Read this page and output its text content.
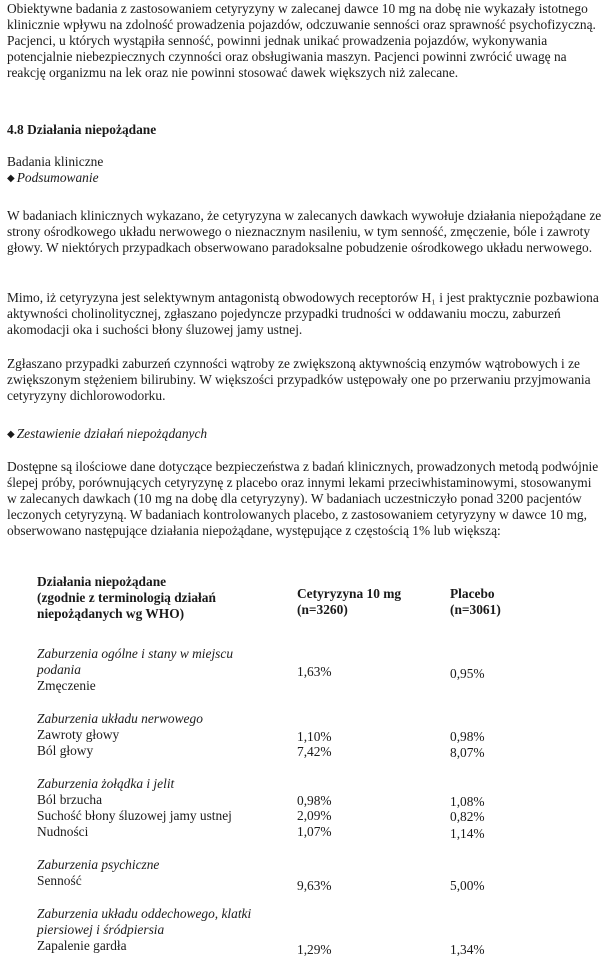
Obiektywne badania z zastosowaniem cetyryzyny w zalecanej dawce 10 mg na dobę nie wykazały istotnego klinicznie wpływu na zdolność prowadzenia pojazdów, odczuwanie senności oraz sprawność psychofizyczną. Pacjenci, u których wystąpiła senność, powinni jednak unikać prowadzenia pojazdów, wykonywania potencjalnie niebezpiecznych czynności oraz obsługiwania maszyn. Pacjenci powinni zwrócić uwagę na reakcję organizmu na lek oraz nie powinni stosować dawek większych niż zalecane.

4.8 Działania niepożądane

Badania kliniczne

◆ Podsumowanie

W badaniach klinicznych wykazano, że cetyryzyna w zalecanych dawkach wywołuje działania niepożądane ze strony ośrodkowego układu nerwowego o nieznacznym nasileniu, w tym senność, zmęczenie, bóle i zawroty głowy. W niektórych przypadkach obserwowano paradoksalne pobudzenie ośrodkowego układu nerwowego.

Mimo, iż cetyryzyna jest selektywnym antagonistą obwodowych receptorów H₁ i jest praktycznie pozbawiona aktywności cholinolitycznej, zgłaszano pojedyncze przypadki trudności w oddawaniu moczu, zaburzeń akomodacji oka i suchości błony śluzowej jamy ustnej.

Zgłaszano przypadki zaburzeń czynności wątroby ze zwiększoną aktywnością enzymów wątrobowych i ze zwiększonym stężeniem bilirubiny. W większości przypadków ustępowały one po przerwaniu przyjmowania cetyryzyny dichlorowodorku.

◆ Zestawienie działań niepożądanych

Dostępne są ilościowe dane dotyczące bezpieczeństwa z badań klinicznych, prowadzonych metodą podwójnie ślepej próby, porównujących cetyryzynę z placebo oraz innymi lekami przeciwhistaminowymi, stosowanymi w zalecanych dawkach (10 mg na dobę dla cetyryzyny). W badaniach uczestniczyło ponad 3200 pacjentów leczonych cetyryzyną. W badaniach kontrolowanych placebo, z zastosowaniem cetyryzyny w dawce 10 mg, obserwowano następujące działania niepożądane, występujące z częstością 1% lub większą:

Działania niepożądane
(zgodnie z terminologią działań
niepożądanych wg WHO)	Cetyryzyna 10 mg
(n=3260)	Placebo
(n=3061)

Zaburzenia ogólne i stany w miejscu
podania		

Zmęczenie	1,63%	0,95%

Zaburzenia układu nerwowego		

Zawroty głowy	1,10%	0,98%
Ból głowy	7,42%	8,07%

Zaburzenia żołądka i jelit		

Ból brzucha	0,98%	1,08%
Suchość błony śluzowej jamy ustnej	2,09%	0,82%
Nudności	1,07%	1,14%

Zaburzenia psychiczne		

Senność	9,63%	5,00%

Zaburzenia układu oddechowego, klatki
piersiowej i śródpiersia		

Zapalenie gardła	1,29%	1,34%
